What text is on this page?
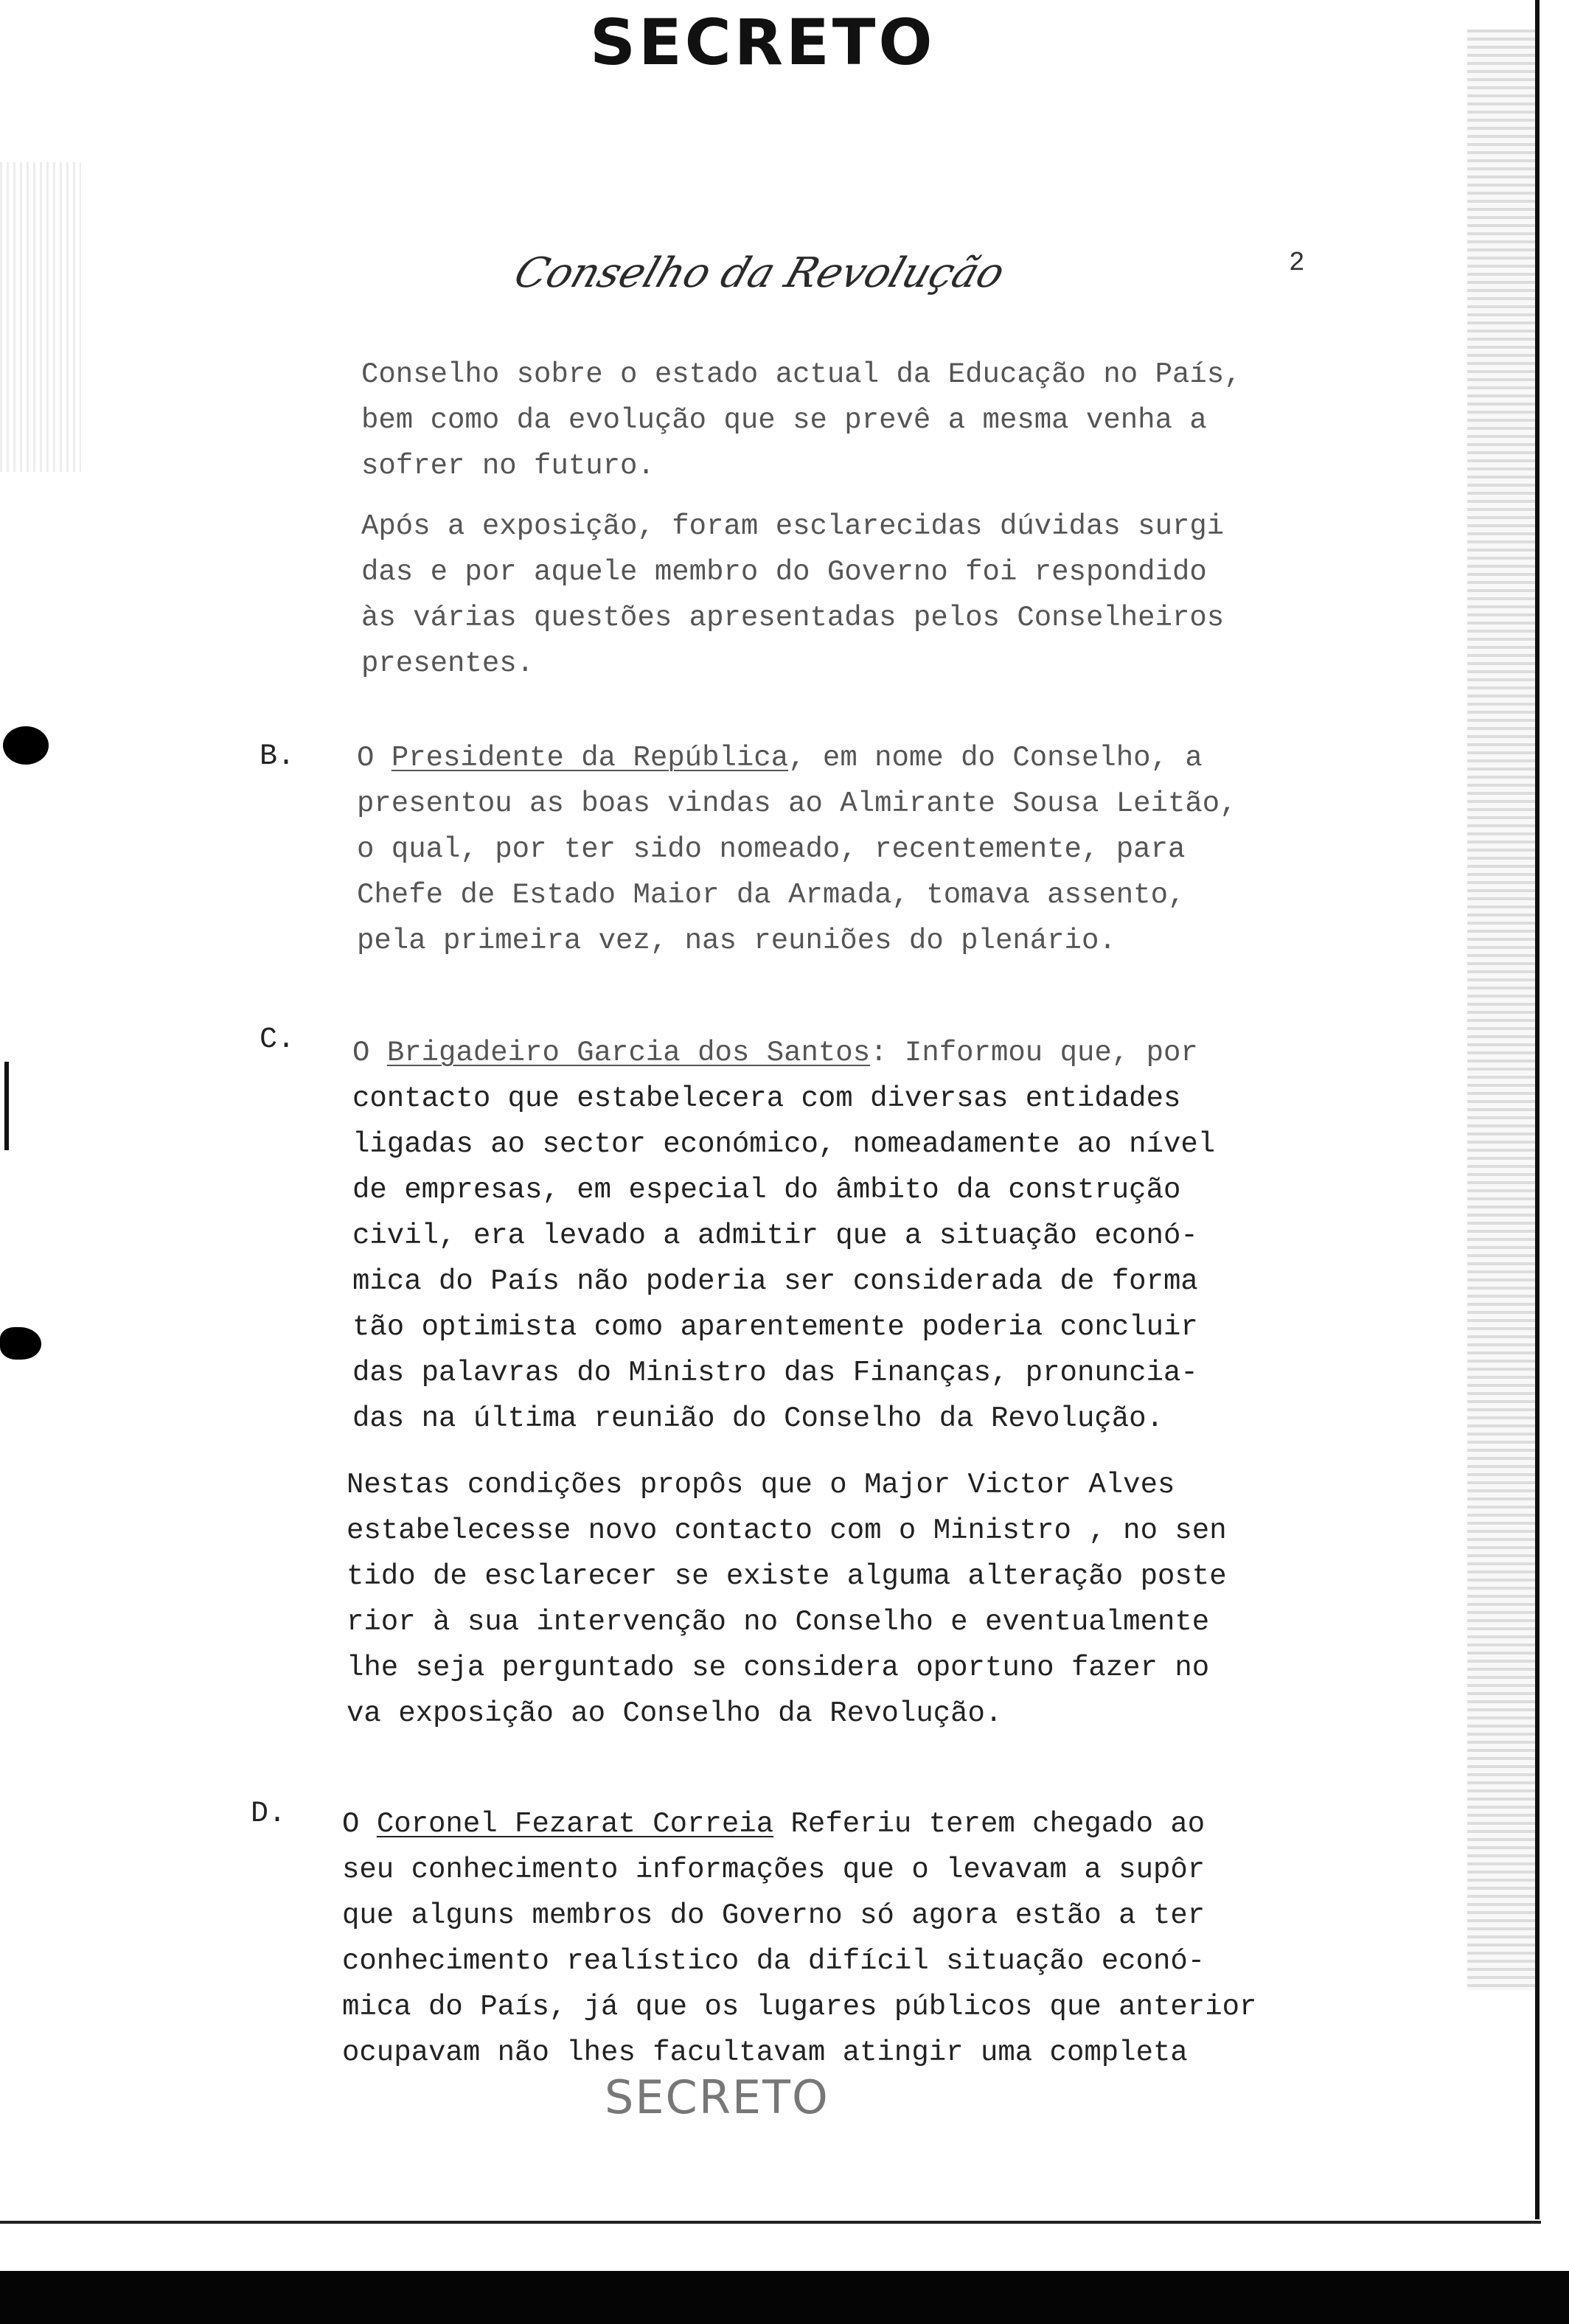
SECRETO
SECRETO
Conselho da Revolução	2
Conselho sobre o estado actual da Educação no País,
bem como da evolução que se prevê a mesma venha a
sofrer no futuro.
Após a exposição, foram esclarecidas dúvidas surgi
das e por aquele membro do Governo foi respondido
às várias questões apresentadas pelos Conselheiros
presentes.
B. O Presidente da República, em nome do Conselho, a
presentou as boas vindas ao Almirante Sousa Leitão,
o qual, por ter sido nomeado, recentemente, para
Chefe de Estado Maior da Armada, tomava assento,
pela primeira vez, nas reuniões do plenário.
C. O Brigadeiro Garcia dos Santos: Informou que, por
contacto que estabelecera com diversas entidades
ligadas ao sector económico, nomeadamente ao nível
de empresas, em especial do âmbito da construção
civil, era levado a admitir que a situação econó-
mica do País não poderia ser considerada de forma
tão optimista como aparentemente poderia concluir
das palavras do Ministro das Finanças, pronuncia-
das na última reunião do Conselho da Revolução.
Nestas condições propôs que o Major Victor Alves
estabelecesse novo contacto com o Ministro , no sen
tido de esclarecer se existe alguma alteração poste
rior à sua intervenção no Conselho e eventualmente
lhe seja perguntado se considera oportuno fazer no
va exposição ao Conselho da Revolução.
D. O Coronel Fezarat Correia Referiu terem chegado ao
seu conhecimento informações que o levavam a supôr
que alguns membros do Governo só agora estão a ter
conhecimento realístico da difícil situação econó-
mica do País, já que os lugares públicos que anterior
ocupavam não lhes facultavam atingir uma completa
